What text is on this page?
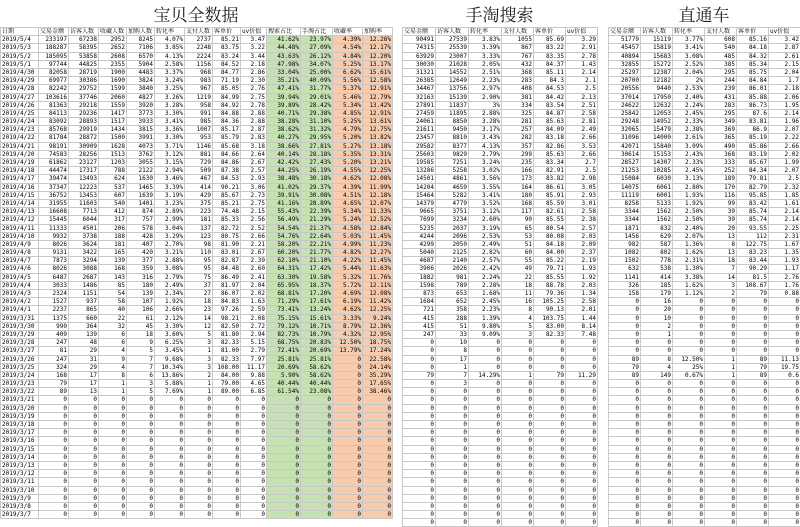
宝贝全数据
日期	交易金额	访客人数	收藏人数	加购人数	转化率	支付人数	客单价	uv价值	搜索占比	手淘占比	收藏率	加购率
2019/5/4	233197	67238	2952	8245	4.07%	2737	85.21	3.47	41.62%	23.97%	4.39%	12.26%
2019/5/3	188287	58395	2652	7106	3.85%	2248	83.75	3.22	44.48%	27.09%	4.54%	12.17%
2019/5/2	185095	53858	2608	6570	4.13%	2224	83.24	3.44	43.63%	26.12%	4.84%	12.20%
2019/5/1	97744	44825	2355	5904	2.58%	1156	84.52	2.18	47.98%	34.07%	5.25%	13.17%
2019/4/30	82058	28719	1900	4483	3.37%	968	84.77	2.86	33.04%	25.00%	6.62%	15.61%
2019/4/29	69977	30386	1690	3824	3.24%	983	71.19	2.30	35.21%	40.09%	5.56%	12.58%
2019/4/28	82242	29752	1599	3840	3.25%	967	85.05	2.76	47.41%	31.77%	5.37%	12.91%
2019/4/27	103616	37746	2060	4827	3.26%	1219	84.99	2.75	39.94%	29.01%	5.46%	12.79%
2019/4/26	81363	29218	1559	3920	3.28%	958	84.92	2.78	39.89%	28.42%	5.34%	13.42%
2019/4/25	84113	29236	1417	3773	3.30%	991	84.88	2.88	40.71%	29.38%	4.85%	12.91%
2019/4/24	83092	28893	1517	3933	3.41%	985	84.36	2.88	38.28%	31.10%	5.25%	13.61%
2019/4/23	85768	29919	1434	3815	3.36%	1007	85.17	2.87	38.62%	31.32%	4.79%	12.75%
2019/4/22	81784	28872	1500	3991	3.30%	953	85.79	2.83	40.27%	29.95%	5.20%	13.82%
2019/4/21	98191	30909	1628	4073	3.71%	1146	85.68	3.18	38.66%	27.81%	5.27%	13.18%
2019/4/20	74583	28256	1513	3762	3.12%	881	84.66	2.64	40.14%	28.18%	5.35%	13.31%
2019/4/19	61862	23127	1203	3055	3.15%	729	84.86	2.67	42.42%	27.43%	5.20%	13.21%
2019/4/18	44474	17317	788	2122	2.94%	509	87.38	2.57	44.25%	26.19%	4.55%	12.25%
2019/4/17	39474	13493	624	1630	3.46%	467	84.53	2.93	38.48%	30.18%	4.62%	12.08%
2019/4/16	37347	12223	537	1465	3.39%	414	90.21	3.06	41.02%	29.37%	4.39%	11.99%
2019/4/15	36752	13453	607	1639	3.19%	429	85.67	2.73	39.91%	30.08%	4.51%	12.18%
2019/4/14	31955	11603	540	1401	3.23%	375	85.21	2.75	41.16%	28.89%	4.65%	12.07%
2019/4/13	16608	7713	412	874	2.89%	223	74.48	2.15	55.43%	22.39%	5.34%	11.33%
2019/4/12	15445	6044	317	757	2.99%	181	85.33	2.56	56.49%	21.29%	5.24%	12.52%
2019/4/11	11333	4501	206	578	3.04%	137	82.72	2.52	54.54%	21.37%	4.58%	12.84%
2019/4/10	9932	3738	188	428	3.29%	123	80.75	2.66	54.76%	22.64%	5.03%	11.45%
2019/4/9	8026	3624	181	407	2.70%	98	81.90	2.21	58.20%	22.21%	4.99%	11.23%
2019/4/8	9131	3422	165	420	3.21%	110	83.01	2.67	60.20%	21.77%	4.82%	12.27%
2019/4/7	7873	3294	139	377	2.88%	95	82.87	2.39	62.10%	21.10%	4.22%	11.45%
2019/4/6	8026	3088	168	359	3.08%	95	84.48	2.60	64.31%	17.42%	5.44%	11.63%
2019/4/5	6487	2687	143	316	2.79%	75	86.49	2.41	63.30%	19.58%	5.32%	11.76%
2019/4/4	3033	1486	85	180	2.49%	37	81.97	2.04	65.95%	18.37%	5.72%	12.11%
2019/4/3	2324	1151	54	139	2.34%	27	86.07	2.02	68.81%	17.20%	4.69%	12.08%
2019/4/2	1527	937	58	107	1.92%	18	84.83	1.63	71.29%	17.61%	6.19%	11.42%
2019/4/1	2237	865	40	106	2.66%	23	97.26	2.59	73.41%	13.24%	4.62%	12.25%
2019/3/31	1375	660	22	61	2.12%	14	98.21	2.08	75.15%	15.61%	3.33%	9.24%
2019/3/30	990	364	32	45	3.30%	12	82.50	2.72	79.12%	10.71%	8.79%	12.36%
2019/3/29	409	139	6	18	3.60%	5	81.80	2.94	82.73%	10.79%	4.32%	12.95%
2019/3/28	247	48	6	9	6.25%	3	82.33	5.15	68.75%	20.83%	12.50%	18.75%
2019/3/27	81	29	4	5	3.45%	1	81.00	2.79	72.41%	20.69%	13.79%	17.24%
2019/3/26	247	31	9	7	9.68%	3	82.33	7.97	25.81%	25.81%	0	22.58%
2019/3/25	324	29	4	7	10.34%	3	108.00	11.17	20.69%	58.62%	0	24.14%
2019/3/24	168	17	8	6	13.86%	2	84.00	9.88	5.90%	58.62%	0	35.29%
2019/3/23	79	17	1	3	5.88%	1	79.00	4.65	40.44%	40.44%	0	17.65%
2019/3/22	89	13	1	5	7.69%	1	89.00	6.85	61.54%	23.08%	0	38.46%
2019/3/21	0	0	0	0	0	0	0	0	0	0	0	0
2019/3/20	0	0	0	0	0	0	0	0	0	0	0	0
2019/3/19	0	0	0	0	0	0	0	0	0	0	0	0
2019/3/18	0	0	0	0	0	0	0	0	0	0	0	0
2019/3/17	0	0	0	0	0	0	0	0	0	0	0	0
2019/3/16	0	0	0	0	0	0	0	0	0	0	0	0
2019/3/15	0	0	0	0	0	0	0	0	0	0	0	0
2019/3/14	0	0	0	0	0	0	0	0	0	0	0	0
2019/3/13	0	0	0	0	0	0	0	0	0	0	0	0
2019/3/12	0	0	0	0	0	0	0	0	0	0	0	0
2019/3/11	0	0	0	0	0	0	0	0	0	0	0	0
2019/3/10	0	0	0	0	0	0	0	0	0	0	0	0
2019/3/9	0	0	0	0	0	0	0	0	0	0	0	0
2019/3/8	0	0	0	0	0	0	0	0	0	0	0	0
2019/3/7	0	0	0	0	0	0	0	0	0	0	0	0
手淘搜索
交易金额	访客人数	转化率	支付人数	客单价	uv价值
90491	27539	3.83%	1055	85.69	3.29
74315	25539	3.39%	867	83.22	2.91
63929	23007	3.33%	767	83.35	2.78
30030	21028	2.05%	432	84.37	1.43
31321	14552	2.51%	368	85.11	2.14
26385	12649	2.23%	283	84.3	2.1
34467	13756	2.97%	408	84.53	2.5
32163	15139	2.90%	381	84.42	2.13
27891	11837	3%	334	83.54	2.51
27459	11895	2.88%	325	84.87	2.58
24061	8850	3.28%	281	85.63	2.81
21611	9450	3.17%	257	84.09	2.49
23457	8810	3.43%	282	83.18	2.66
29582	8377	4.13%	357	82.86	3.53
25603	9829	2.79%	299	85.63	2.66
19585	7251	3.24%	235	83.34	2.7
13286	5258	3.02%	166	82.91	2.5
14501	4861	3.56%	173	83.82	2.98
14204	4659	3.55%	164	86.61	3.05
15464	5282	3.41%	180	85.91	2.93
14379	4779	3.52%	168	85.59	3.01
9665	3751	3.12%	117	82.61	2.58
7699	3234	2.60%	90	85.55	2.38
5235	2037	3.19%	65	80.54	2.57
4244	2096	2.53%	53	80.08	2.03
4299	2050	2.49%	51	84.18	2.09
5040	2125	2.82%	60	84.00	2.37
4687	2140	2.57%	55	85.22	2.19
3906	2026	2.42%	49	79.71	1.93
1882	981	2.24%	22	85.55	1.92
1598	789	2.28%	18	88.78	2.03
873	653	1.68%	11	79.36	1.34
1684	652	2.45%	16	105.25	2.58
721	358	2.23%	8	90.13	2.01
415	288	1.39%	4	103.75	1.44
415	51	9.80%	5	83.00	8.14
247	33	9.09%	3	82.33	7.48
0	10	0	0	0	0
0	8	0	0	0	0
0	17	0	0	0	0
0	1	0	0	0	0
79	7	14.29%	1	79	11.29
0	3	0	0	0	0
0	0	0	0	0	0
0	0	0	0	0	0
0	0	0	0	0	0
0	0	0	0	0	0
0	0	0	0	0	0
0	0	0	0	0	0
0	0	0	0	0	0
0	0	0	0	0	0
0	0	0	0	0	0
0	0	0	0	0	0
0	0	0	0	0	0
0	0	0	0	0	0
0	0	0	0	0	0
0	0	0	0	0	0
0	0	0	0	0	0
0	0	0	0	0	0
0	0	0	0	0	0
直通车
交易金额	访客人数	转化率	支付人数	客单价	uv价值
51779	15119	3.77%	608	85.16	3.42
45457	15819	3.41%	540	84.18	2.87
40894	15683	3.08%	485	84.32	2.61
32855	15272	2.52%	385	85.34	2.15
25297	12387	2.04%	295	85.75	2.04
20700	12182	2%	244	84.84	1.7
20556	9440	2.53%	239	86.01	2.18
37014	17950	2.40%	431	85.88	2.06
24622	12632	2.24%	283	86.73	1.95
25842	12053	2.45%	295	87.6	2.14
29248	14952	2.33%	349	83.81	1.96
32065	15479	2.38%	369	86.9	2.07
31096	14000	2.61%	365	85.19	2.22
42071	15840	3.09%	490	85.86	2.66
30614	15153	2.43%	368	83.19	2.02
28527	14307	2.33%	333	85.67	1.99
21253	10285	2.45%	252	84.34	2.07
15084	6030	3.13%	189	79.81	2.5
14075	6061	2.80%	170	82.79	2.32
11119	6001	1.93%	116	95.85	1.85
8258	5133	1.92%	99	83.42	1.61
3344	1562	2.50%	39	85.74	2.14
3344	1562	2.50%	39	85.74	2.14
1871	832	2.40%	20	93.55	2.25
1456	629	2.07%	13	112	2.31
982	587	1.36%	8	122.75	1.67
1082	802	1.62%	13	83.23	1.35
1502	778	2.31%	18	83.44	1.93
632	538	1.30%	7	90.29	1.17
1141	414	3.38%	14	81.5	2.76
326	185	1.62%	3	108.67	1.76
158	179	1.12%	2	79	0.88
0	16	0	0	0	0
0	20	0	0	0	0
0	10	0	0	0	0
0	2	0	0	0	0
0	1	0	0	0	0
0	0	0	0	0	0
0	0	0	0	0	0
89	8	12.50%	1	89	11.13
79	4	25%	1	79	19.75
89	149	0.67%	1	89	0.6
0	0	0	0	0	0
0	0	0	0	0	0
0	0	0	0	0	0
0	0	0	0	0	0
0	0	0	0	0	0
0	0	0	0	0	0
0	0	0	0	0	0
0	0	0	0	0	0
0	0	0	0	0	0
0	0	0	0	0	0
0	0	0	0	0	0
0	0	0	0	0	0
0	0	0	0	0	0
0	0	0	0	0	0
0	0	0	0	0	0
0	0	0	0	0	0
0	0	0	0	0	0
0	0	0	0	0	0
